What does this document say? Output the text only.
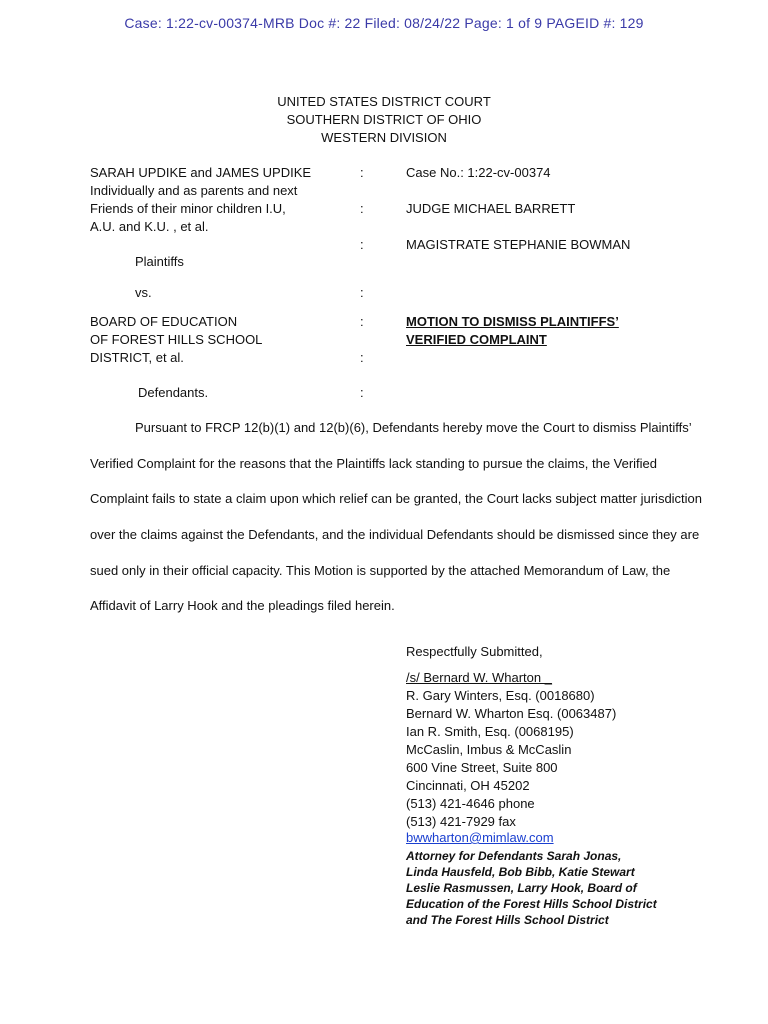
Case: 1:22-cv-00374-MRB Doc #: 22 Filed: 08/24/22 Page: 1 of 9 PAGEID #: 129
UNITED STATES DISTRICT COURT
SOUTHERN DISTRICT OF OHIO
WESTERN DIVISION
SARAH UPDIKE and JAMES UPDIKE
Individually and as parents and next
Friends of their minor children I.U,
A.U. and K.U. , et al.
Plaintiffs
vs.
BOARD OF EDUCATION
OF FOREST HILLS SCHOOL
DISTRICT, et al.
Defendants.
:
:
:
:
:
:
:
Case No.: 1:22-cv-00374
JUDGE MICHAEL BARRETT
MAGISTRATE STEPHANIE BOWMAN
MOTION TO DISMISS PLAINTIFFS’
VERIFIED COMPLAINT
Pursuant to FRCP 12(b)(1) and 12(b)(6), Defendants hereby move the Court to dismiss Plaintiffs’
Verified Complaint for the reasons that the Plaintiffs lack standing to pursue the claims, the Verified
Complaint fails to state a claim upon which relief can be granted, the Court lacks subject matter jurisdiction
over the claims against the Defendants, and the individual Defendants should be dismissed since they are
sued only in their official capacity. This Motion is supported by the attached Memorandum of Law, the
Affidavit of Larry Hook and the pleadings filed herein.
Respectfully Submitted,
/s/ Bernard W. Wharton _
R. Gary Winters, Esq. (0018680)
Bernard W. Wharton Esq. (0063487)
Ian R. Smith, Esq. (0068195)
McCaslin, Imbus & McCaslin
600 Vine Street, Suite 800
Cincinnati, OH 45202
(513) 421-4646 phone
(513) 421-7929 fax
bwwharton@mimlaw.com
Attorney for Defendants Sarah Jonas,
Linda Hausfeld, Bob Bibb, Katie Stewart
Leslie Rasmussen, Larry Hook, Board of
Education of the Forest Hills School District
and The Forest Hills School District
